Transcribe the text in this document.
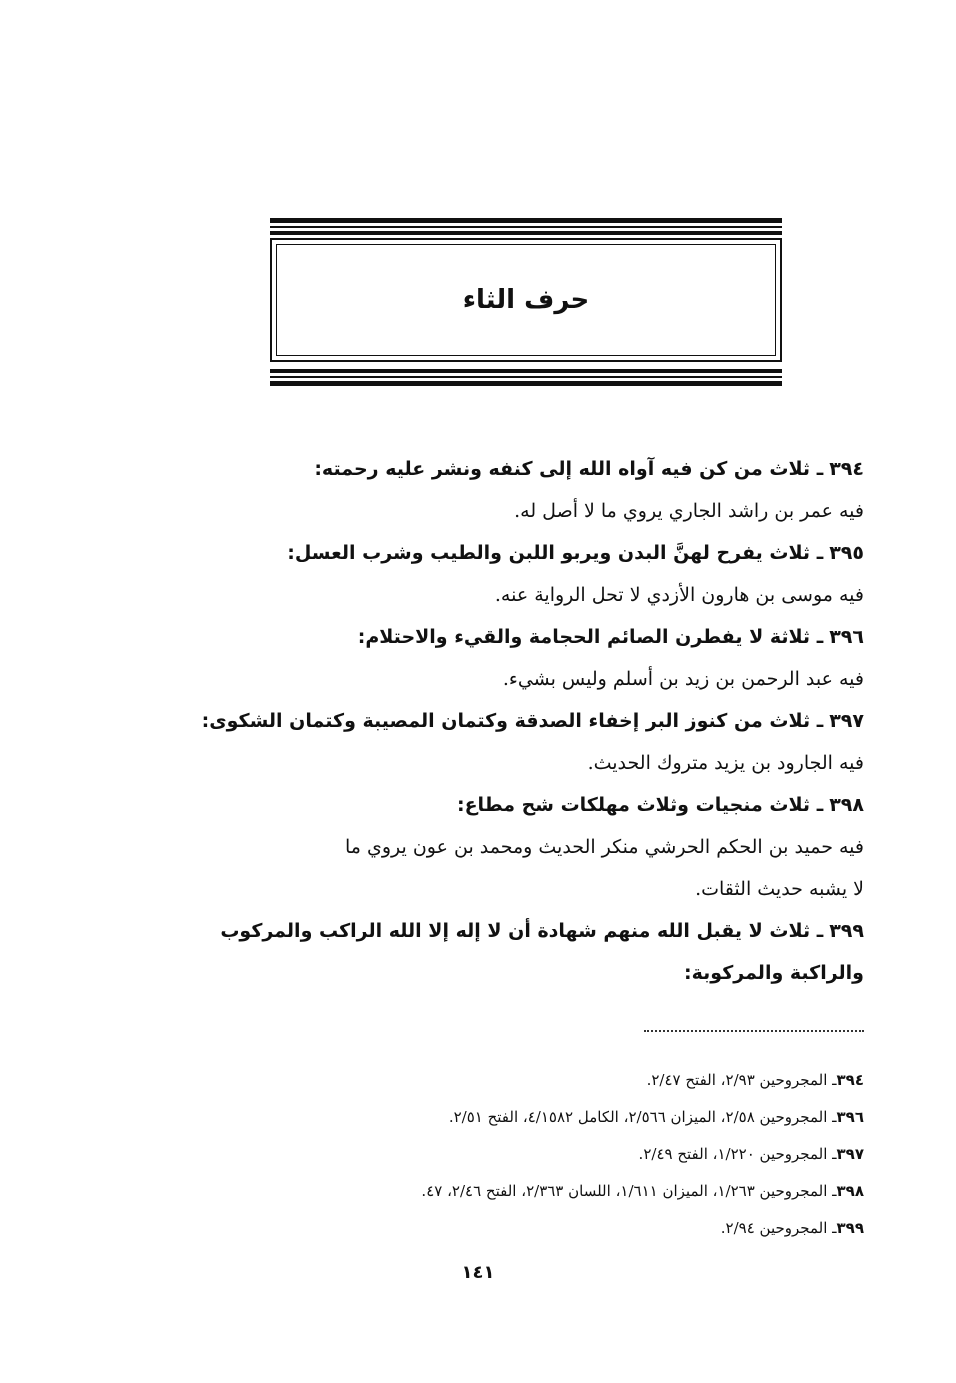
حرف الثاء
٣٩٤ـ ثلاث من كن فيه آواه الله إلى كنفه ونشر عليه رحمته:
فيه عمر بن راشد الجاري يروي ما لا أصل له.
٣٩٥ـ ثلاث يفرح لهنَّ البدن ويربو اللبن والطيب وشرب العسل:
فيه موسى بن هارون الأزدي لا تحل الرواية عنه.
٣٩٦ـ ثلاثة لا يفطرن الصائم الحجامة والقيء والاحتلام:
فيه عبد الرحمن بن زيد بن أسلم وليس بشيء.
٣٩٧ـ ثلاث من كنوز البر إخفاء الصدقة وكتمان المصيبة وكتمان الشكوى:
فيه الجارود بن يزيد متروك الحديث.
٣٩٨ـ ثلاث منجيات وثلاث مهلكات شح مطاع:
فيه حميد بن الحكم الحرشي منكر الحديث ومحمد بن عون يروي ما
لا يشبه حديث الثقات.
٣٩٩ـ ثلاث لا يقبل الله منهم شهادة أن لا إله إلا الله الراكب والمركوب
والراكبة والمركوبة:
٣٩٤ـ المجروحين ٢/٩٣، الفتح ٢/٤٧.
٣٩٦ـ المجروحين ٢/٥٨، الميزان ٢/٥٦٦، الكامل ٤/١٥٨٢، الفتح ٢/٥١.
٣٩٧ـ المجروحين ١/٢٢٠، الفتح ٢/٤٩.
٣٩٨ـ المجروحين ١/٢٦٣، الميزان ١/٦١١، اللسان ٢/٣٦٣، الفتح ٢/٤٦، ٤٧.
٣٩٩ـ المجروحين ٢/٩٤.
١٤١
